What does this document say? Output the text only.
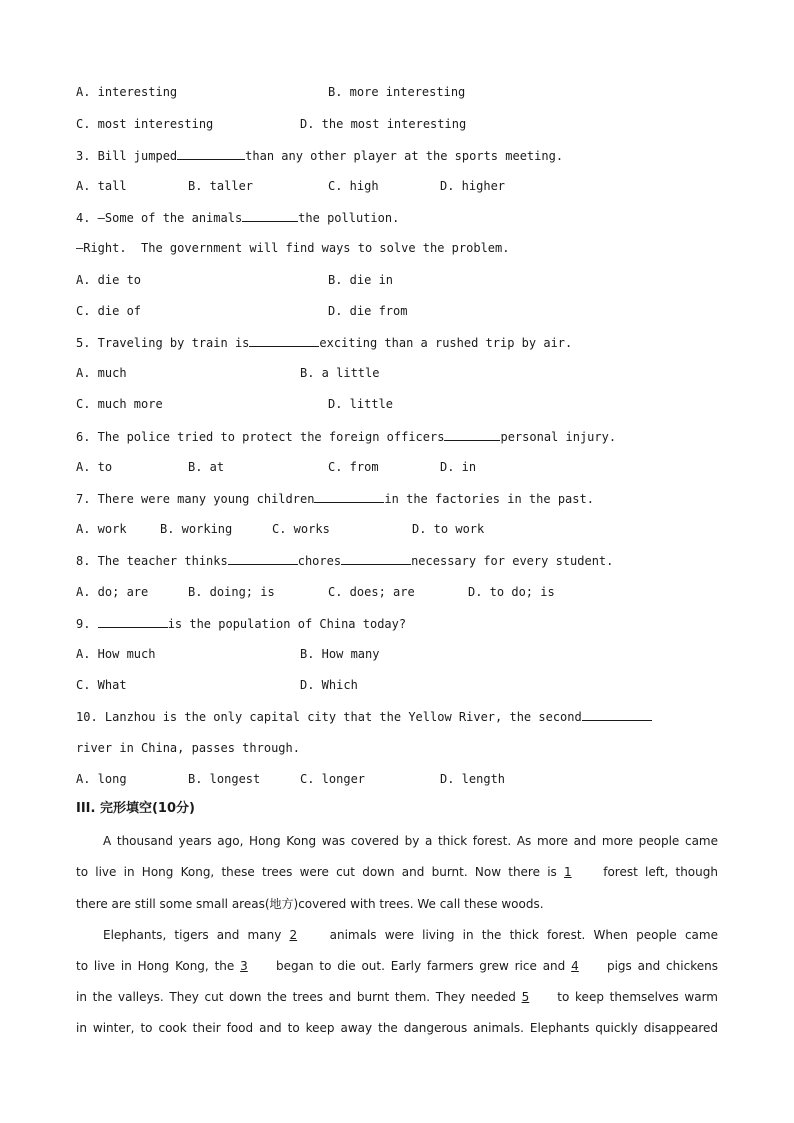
A. interesting	B. more interesting
C. most interesting	D. the most interesting
3. Bill jumped	than any other player at the sports meeting.
A. tall	B. taller	C. high	D. higher
4. —Some of the animals	the pollution.
—Right.  The government will find ways to solve the problem.
A. die to	B. die in
C. die of	D. die from
5. Traveling by train is	exciting than a rushed trip by air.
A. much	B. a little
C. much more	D. little
6. The police tried to protect the foreign officers	personal injury.
A. to	B. at	C. from	D. in
7. There were many young children	in the factories in the past.
A. work	B. working	C. works	D. to work
8. The teacher thinks	chores	necessary for every student.
A. do; are	B. doing; is	C. does; are	D. to do; is
9.	is the population of China today?
A. How much	B. How many
C. What	D. Which
10. Lanzhou is the only capital city that the Yellow River, the second
river in China, passes through.
A. long	B. longest	C. longer	D. length
III. 完形填空(10分)
A thousand years ago, Hong Kong was covered by a thick forest. As more and more people came
to live in Hong Kong, these trees were cut down and burnt. Now there is 1	forest left, though
there are still some small areas(地方)covered with trees. We call these woods.
Elephants, tigers and many 2	animals were living in the thick forest. When people came
to live in Hong Kong, the 3 began to die out. Early farmers grew rice and 4 pigs and chickens
in the valleys. They cut down the trees and burnt them. They needed 5 to keep themselves warm
in winter, to cook their food and to keep away the dangerous animals. Elephants quickly disappeared
